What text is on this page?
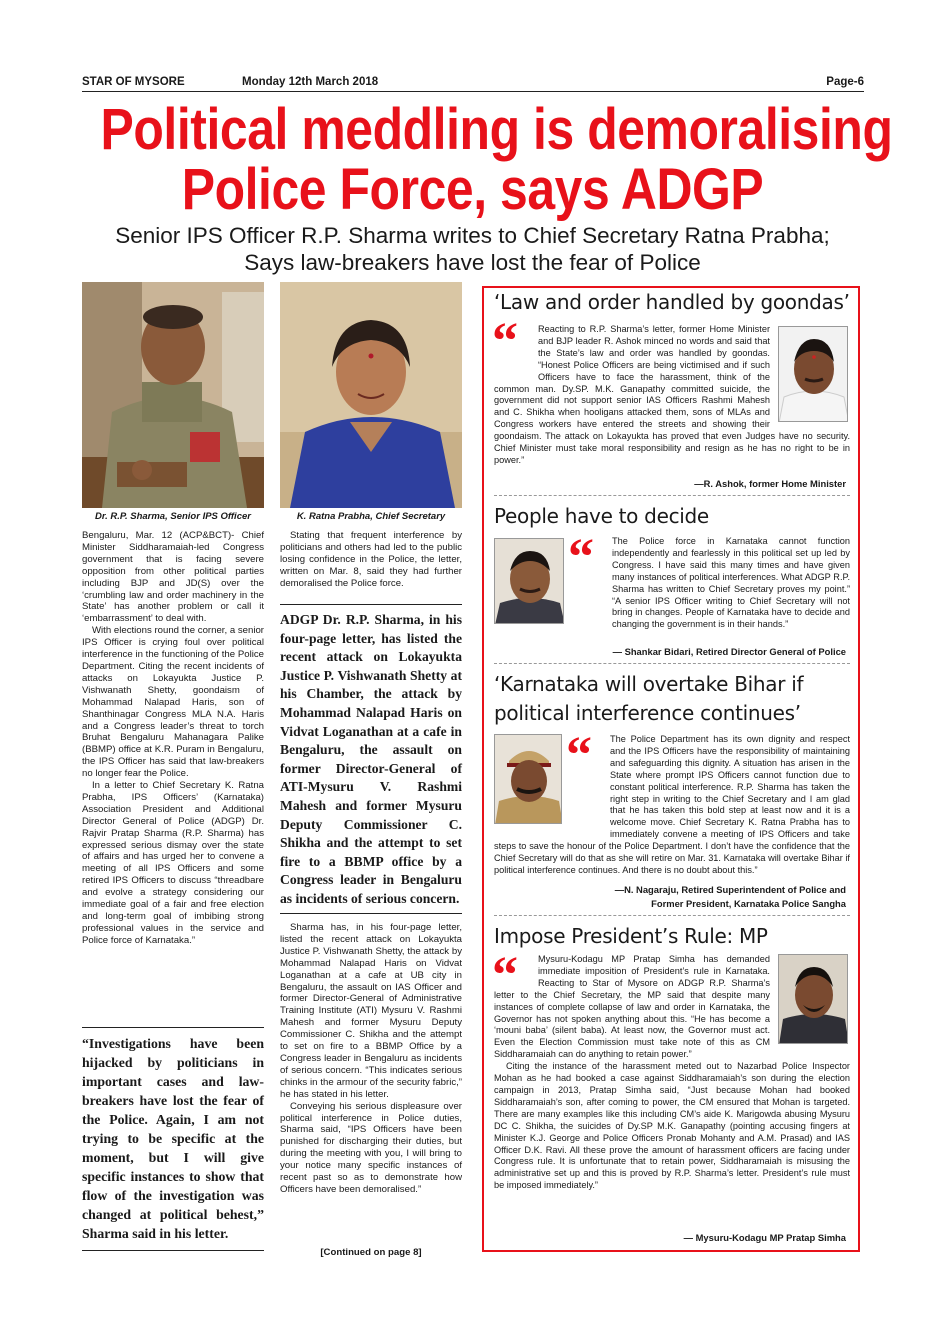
STAR OF MYSORE	Monday 12th March 2018	Page-6
Political meddling is demoralising
Police Force, says ADGP
Senior IPS Officer R.P. Sharma writes to Chief Secretary Ratna Prabha;
Says law-breakers have lost the fear of Police
Dr. R.P. Sharma, Senior IPS Officer	K. Ratna Prabha, Chief Secretary

Bengaluru, Mar. 12 (ACP&BCT)- Chief Minister Siddharamaiah-led Congress government that is facing severe opposition from other political parties including BJP and JD(S) over the ‘crumbling law and order machinery in the State’ has another problem or call it ‘embarrassment’ to deal with.

With elections round the corner, a senior IPS Officer is crying foul over political interference in the functioning of the Police Department. Citing the recent incidents of attacks on Lokayukta Justice P. Vishwanath Shetty, goondaism of Mohammad Nalapad Haris, son of Shanthinagar Congress MLA N.A. Haris and a Congress leader’s threat to torch Bruhat Bengaluru Mahanagara Palike (BBMP) office at K.R. Puram in Bengaluru, the IPS Officer has said that law-breakers no longer fear the Police.

In a letter to Chief Secretary K. Ratna Prabha, IPS Officers’ (Karnataka) Association President and Additional Director General of Police (ADGP) Dr. Rajvir Pratap Sharma (R.P. Sharma) has expressed serious dismay over the state of affairs and has urged her to convene a meeting of all IPS Officers and some retired IPS Officers to discuss “threadbare and evolve a strategy considering our immediate goal of a fair and free election and long-term goal of imbibing strong professional values in the service and Police force of Karnataka.”

“Investigations have been hijacked by politicians in important cases and law-breakers have lost the fear of the Police. Again, I am not trying to be specific at the moment, but I will give specific instances to show that flow of the investigation was changed at political behest,” Sharma said in his letter.

Stating that frequent interference by politicians and others had led to the public losing confidence in the Police, the letter, written on Mar. 8, said they had further demoralised the Police force.

ADGP Dr. R.P. Sharma, in his four-page letter, has listed the recent attack on Lokayukta Justice P. Vishwanath Shetty at his Chamber, the attack by Mohammad Nalapad Haris on Vidvat Loganathan at a cafe in Bengaluru, the assault on former Director-General of ATI-Mysuru V. Rashmi Mahesh and former Mysuru Deputy Commissioner C. Shikha and the attempt to set fire to a BBMP office by a Congress leader in Bengaluru as incidents of serious concern.

Sharma has, in his four-page letter, listed the recent attack on Lokayukta Justice P. Vishwanath Shetty, the attack by Mohammad Nalapad Haris on Vidvat Loganathan at a cafe at UB city in Bengaluru, the assault on IAS Officer and former Director-General of Administrative Training Institute (ATI) Mysuru V. Rashmi Mahesh and former Mysuru Deputy Commissioner C. Shikha and the attempt to set on fire to a BBMP Office by a Congress leader in Bengaluru as incidents of serious concern. “This indicates serious chinks in the armour of the security fabric,” he has stated in his letter.

Conveying his serious displeasure over political interference in Police duties, Sharma said, “IPS Officers have been punished for discharging their duties, but during the meeting with you, I will bring to your notice many specific instances of recent past so as to demonstrate how Officers have been demoralised.”

[Continued on page 8]
‘Law and order handled by goondas’
“	Reacting to R.P. Sharma’s letter, former Home Minister and BJP leader R. Ashok minced no words and said that the State’s law and order was handled by goondas. “Honest Police Officers are being victimised and if such Officers have to face the harassment, think of the common man. Dy.SP. M.K. Ganapathy committed suicide, the government did not support senior IAS Officers Rashmi Mahesh and C. Shikha when hooligans attacked them, sons of MLAs and Congress workers have entered the streets and showing their goondaism. The attack on Lokayukta has proved that even Judges have no security. Chief Minister must take moral responsibility and resign as he has no right to be in power.”
—R. Ashok, former Home Minister
People have to decide
“	The Police force in Karnataka cannot function independently and fearlessly in this political set up led by Congress. I have said this many times and have given many instances of political interferences. What ADGP R.P. Sharma has written to Chief Secretary proves my point.” “A senior IPS Officer writing to Chief Secretary will not bring in changes. People of Karnataka have to decide and changing the government is in their hands.”
— Shankar Bidari, Retired Director General of Police
‘Karnataka will overtake Bihar if
political interference continues’
“	The Police Department has its own dignity and respect and the IPS Officers have the responsibility of maintaining and safeguarding this dignity. A situation has arisen in the State where prompt IPS Officers cannot function due to constant political interference. R.P. Sharma has taken the right step in writing to the Chief Secretary and I am glad that he has taken this bold step at least now and it is a welcome move. Chief Secretary K. Ratna Prabha has to immediately convene a meeting of IPS Officers and take steps to save the honour of the Police Department. I don’t have the confidence that the Chief Secretary will do that as she will retire on Mar. 31. Karnataka will overtake Bihar if political interference continues. And there is no doubt about this.”
—N. Nagaraju, Retired Superintendent of Police and
Former President, Karnataka Police Sangha
Impose President’s Rule: MP
“	Mysuru-Kodagu MP Pratap Simha has demanded immediate imposition of President’s rule in Karnataka. Reacting to Star of Mysore on ADGP R.P. Sharma’s letter to the Chief Secretary, the MP said that despite many instances of complete collapse of law and order in Karnataka, the Governor has not spoken anything about this. “He has become a ‘mouni baba’ (silent baba). At least now, the Governor must act. Even the Election Commission must take note of this as CM Siddharamaiah can do anything to retain power.”
Citing the instance of the harassment meted out to Nazarbad Police Inspector Mohan as he had booked a case against Siddharamaiah’s son during the election campaign in 2013, Pratap Simha said, “Just because Mohan had booked Siddharamaiah’s son, after coming to power, the CM ensured that Mohan is targeted. There are many examples like this including CM’s aide K. Marigowda abusing Mysuru DC C. Shikha, the suicides of Dy.SP M.K. Ganapathy (pointing accusing fingers at Minister K.J. George and Police Officers Pronab Mohanty and A.M. Prasad) and IAS Officer D.K. Ravi. All these prove the amount of harassment officers are facing under Congress rule. It is unfortunate that to retain power, Siddharamaiah is misusing the administrative set up and this is proved by R.P. Sharma’s letter. President’s rule must be imposed immediately.”
— Mysuru-Kodagu MP Pratap Simha
